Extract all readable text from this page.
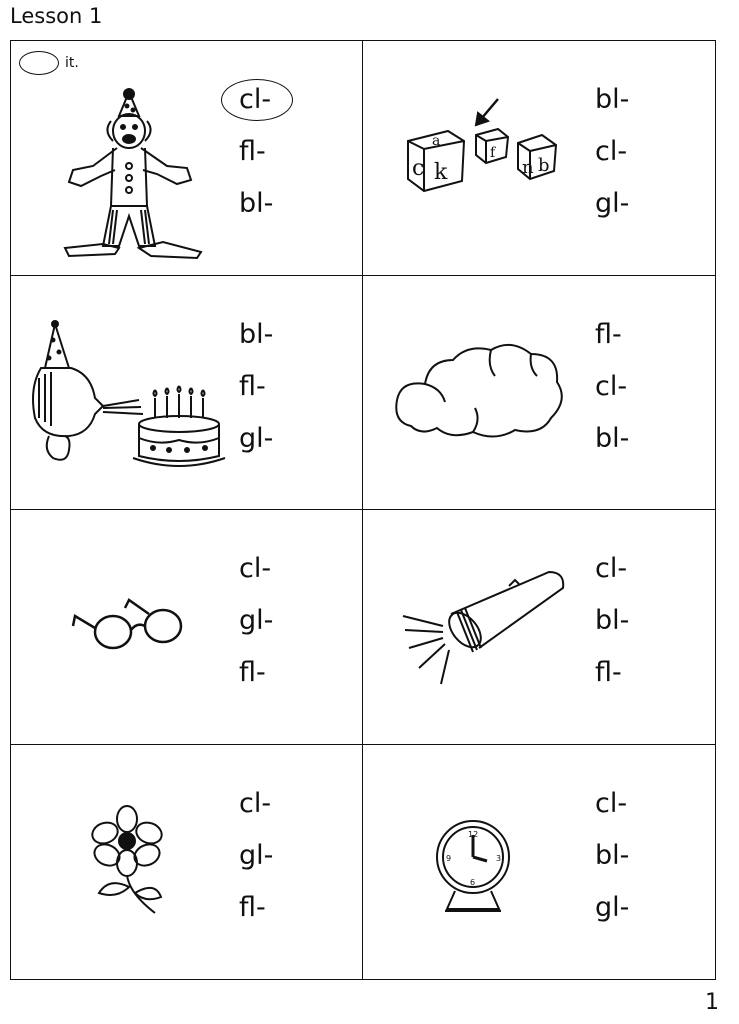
Lesson 1
it.
cl-
fl-
bl-
c k
a
f
n b
bl-
cl-
gl-
bl-
fl-
gl-
fl-
cl-
bl-
cl-
gl-
fl-
cl-
bl-
fl-
cl-
gl-
fl-
12
3
6
9
cl-
bl-
gl-
1
